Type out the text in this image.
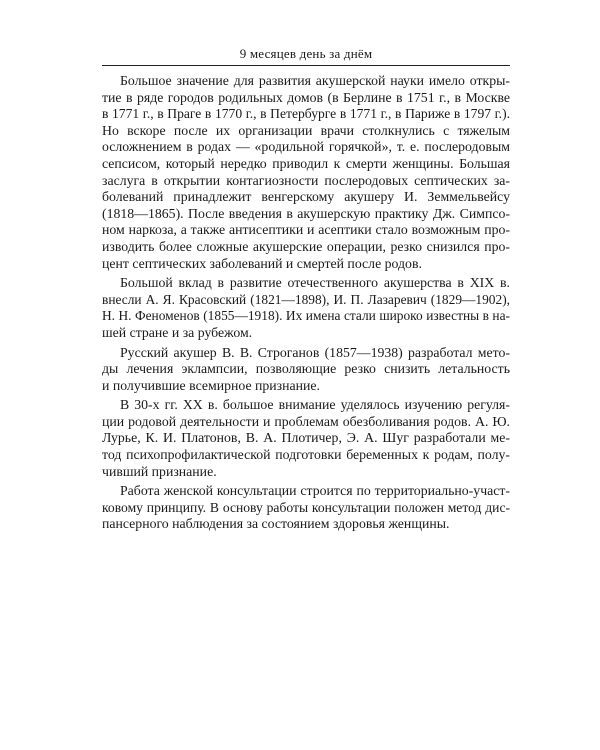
9 месяцев день за днём

Большое значение для развития акушерской науки имело откры-
тие в ряде городов родильных домов (в Берлине в 1751 г., в Москве
в 1771 г., в Праге в 1770 г., в Петербурге в 1771 г., в Париже в 1797 г.).
Но вскоре после их организации врачи столкнулись с тяжелым
осложнением в родах — «родильной горячкой», т. е. послеродовым
сепсисом, который нередко приводил к смерти женщины. Большая
заслуга в открытии контагиозности послеродовых септических за-
болеваний принадлежит венгерскому акушеру И. Земмельвейсу
(1818—1865). После введения в акушерскую практику Дж. Симпсо-
ном наркоза, а также антисептики и асептики стало возможным про-
изводить более сложные акушерские операции, резко снизился про-
цент септических заболеваний и смертей после родов.

Большой вклад в развитие отечественного акушерства в XIX в.
внесли А. Я. Красовский (1821—1898), И. П. Лазаревич (1829—1902),
Н. Н. Феноменов (1855—1918). Их имена стали широко известны в на-
шей стране и за рубежом.

Русский акушер В. В. Строганов (1857—1938) разработал мето-
ды лечения эклампсии, позволяющие резко снизить летальность
и получившие всемирное признание.

В 30-х гг. XX в. большое внимание уделялось изучению регуля-
ции родовой деятельности и проблемам обезболивания родов. А. Ю.
Лурье, К. И. Платонов, В. А. Плотичер, Э. А. Шуг разработали ме-
тод психопрофилактической подготовки беременных к родам, полу-
чивший признание.

Работа женской консультации строится по территориально-участ-
ковому принципу. В основу работы консультации положен метод дис-
пансерного наблюдения за состоянием здоровья женщины.
